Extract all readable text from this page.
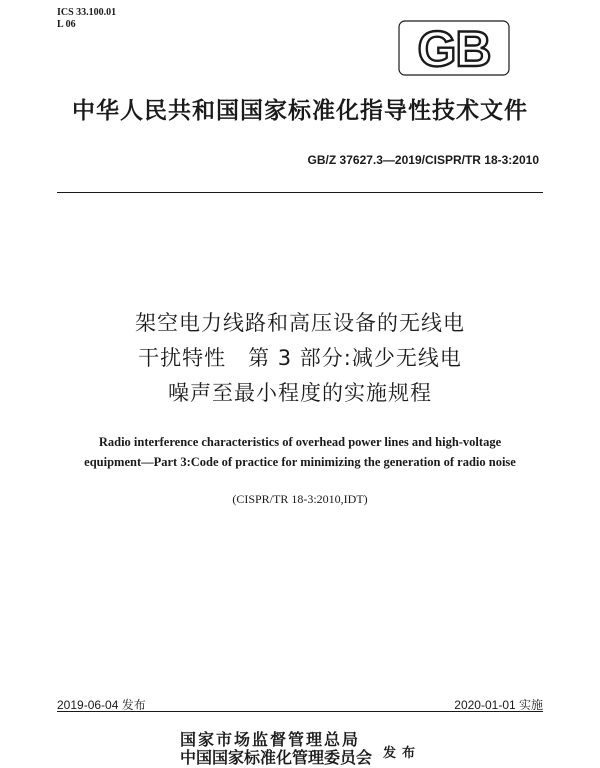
ICS 33.100.01
L 06	GB
中华人民共和国国家标准化指导性技术文件
GB/Z 37627.3—2019/CISPR/TR 18-3:2010
架空电力线路和高压设备的无线电
干扰特性　第 3 部分:减少无线电
噪声至最小程度的实施规程
Radio interference characteristics of overhead power lines and high-voltage
equipment—Part 3:Code of practice for minimizing the generation of radio noise
(CISPR/TR 18-3:2010,IDT)
2019-06-04 发布	2020-01-01 实施
国家市场监督管理总局
中国国家标准化管理委员会 发布
